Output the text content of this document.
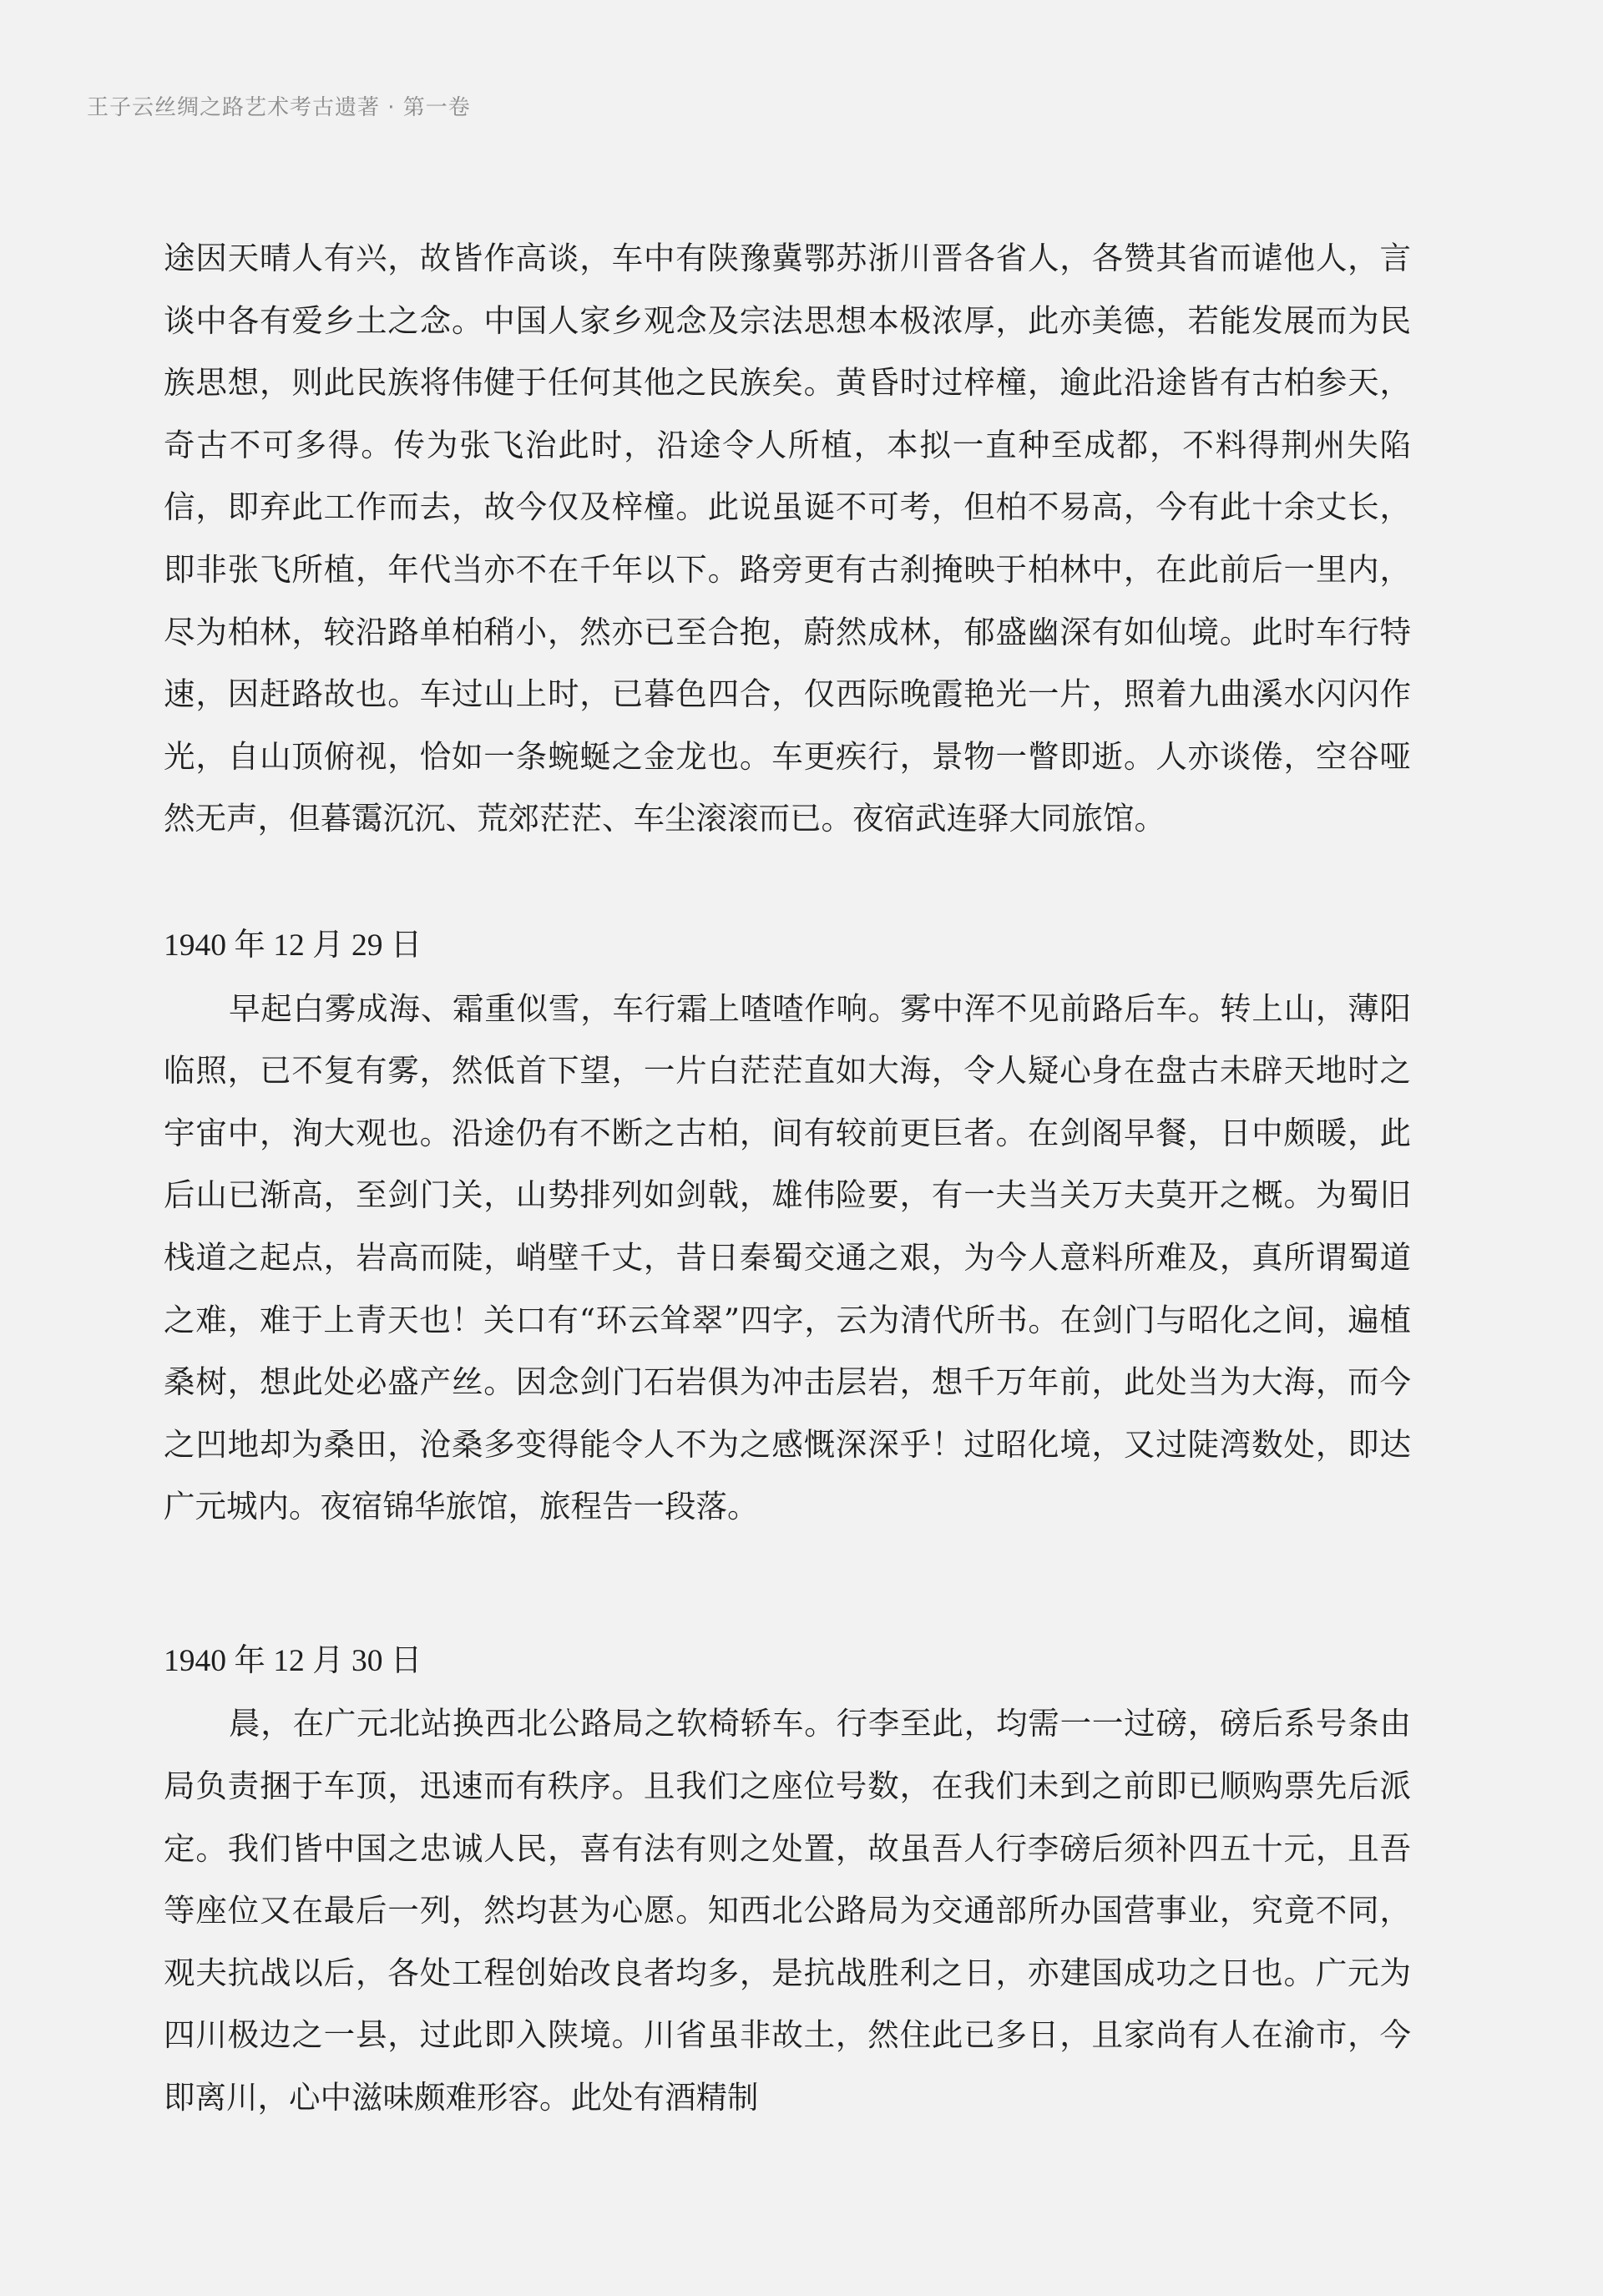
王子云丝绸之路艺术考古遗著 · 第一卷

途因天晴人有兴，故皆作高谈，车中有陕豫冀鄂苏浙川晋各省人，各赞其省而谑他人，言谈中各有爱乡土之念。中国人家乡观念及宗法思想本极浓厚，此亦美德，若能发展而为民族思想，则此民族将伟健于任何其他之民族矣。黄昏时过梓橦，逾此沿途皆有古柏参天，奇古不可多得。传为张飞治此时，沿途令人所植，本拟一直种至成都，不料得荆州失陷信，即弃此工作而去，故今仅及梓橦。此说虽诞不可考，但柏不易高，今有此十余丈长，即非张飞所植，年代当亦不在千年以下。路旁更有古刹掩映于柏林中，在此前后一里内，尽为柏林，较沿路单柏稍小，然亦已至合抱，蔚然成林，郁盛幽深有如仙境。此时车行特速，因赶路故也。车过山上时，已暮色四合，仅西际晚霞艳光一片，照着九曲溪水闪闪作光，自山顶俯视，恰如一条蜿蜒之金龙也。车更疾行，景物一瞥即逝。人亦谈倦，空谷哑然无声，但暮霭沉沉、荒郊茫茫、车尘滚滚而已。夜宿武连驿大同旅馆。

1940 年 12 月 29 日

早起白雾成海、霜重似雪，车行霜上喳喳作响。雾中浑不见前路后车。转上山，薄阳临照，已不复有雾，然低首下望，一片白茫茫直如大海，令人疑心身在盘古未辟天地时之宇宙中，洵大观也。沿途仍有不断之古柏，间有较前更巨者。在剑阁早餐，日中颇暖，此后山已渐高，至剑门关，山势排列如剑戟，雄伟险要，有一夫当关万夫莫开之概。为蜀旧栈道之起点，岩高而陡，峭壁千丈，昔日秦蜀交通之艰，为今人意料所难及，真所谓蜀道之难，难于上青天也！关口有“环云耸翠”四字，云为清代所书。在剑门与昭化之间，遍植桑树，想此处必盛产丝。因念剑门石岩俱为冲击层岩，想千万年前，此处当为大海，而今之凹地却为桑田，沧桑多变得能令人不为之感慨深深乎！过昭化境，又过陡湾数处，即达广元城内。夜宿锦华旅馆，旅程告一段落。

1940 年 12 月 30 日

晨，在广元北站换西北公路局之软椅轿车。行李至此，均需一一过磅，磅后系号条由局负责捆于车顶，迅速而有秩序。且我们之座位号数，在我们未到之前即已顺购票先后派定。我们皆中国之忠诚人民，喜有法有则之处置，故虽吾人行李磅后须补四五十元，且吾等座位又在最后一列，然均甚为心愿。知西北公路局为交通部所办国营事业，究竟不同，观夫抗战以后，各处工程创始改良者均多，是抗战胜利之日，亦建国成功之日也。广元为四川极边之一县，过此即入陕境。川省虽非故土，然住此已多日，且家尚有人在渝市，今即离川，心中滋味颇难形容。此处有酒精制
